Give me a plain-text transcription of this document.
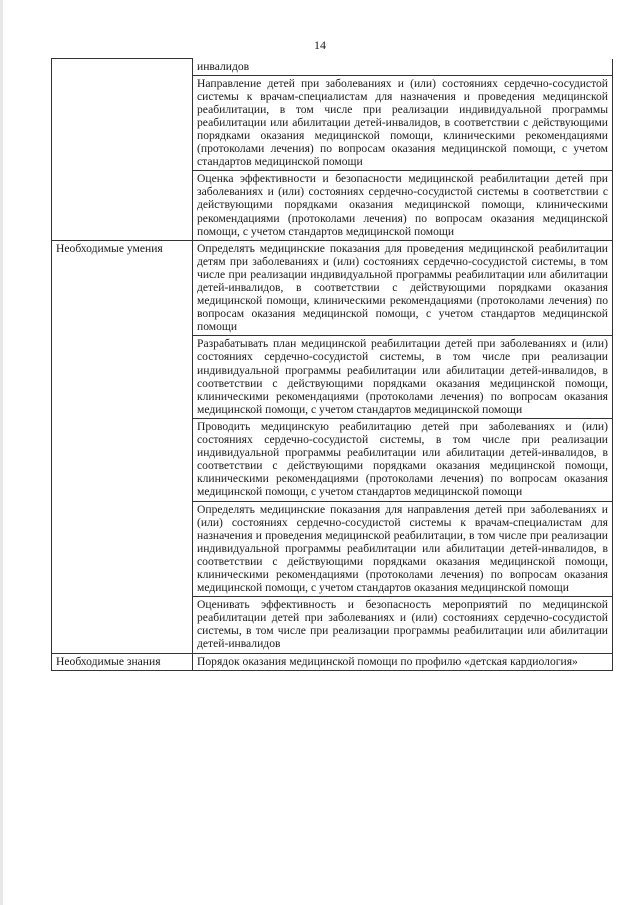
14
	инвалидов
	Направление детей при заболеваниях и (или) состояниях сердечно-сосудистой системы к врачам-специалистам для назначения и проведения медицинской реабилитации, в том числе при реализации индивидуальной программы реабилитации или абилитации детей-инвалидов, в соответствии с действующими порядками оказания медицинской помощи, клиническими рекомендациями (протоколами лечения) по вопросам оказания медицинской помощи, с учетом стандартов медицинской помощи
	Оценка эффективности и безопасности медицинской реабилитации детей при заболеваниях и (или) состояниях сердечно-сосудистой системы в соответствии с действующими порядками оказания медицинской помощи, клиническими рекомендациями (протоколами лечения) по вопросам оказания медицинской помощи, с учетом стандартов медицинской помощи
Необходимые умения	Определять медицинские показания для проведения медицинской реабилитации детям при заболеваниях и (или) состояниях сердечно-сосудистой системы, в том числе при реализации индивидуальной программы реабилитации или абилитации детей-инвалидов, в соответствии с действующими порядками оказания медицинской помощи, клиническими рекомендациями (протоколами лечения) по вопросам оказания медицинской помощи, с учетом стандартов медицинской помощи
	Разрабатывать план медицинской реабилитации детей при заболеваниях и (или) состояниях сердечно-сосудистой системы, в том числе при реализации индивидуальной программы реабилитации или абилитации детей-инвалидов, в соответствии с действующими порядками оказания медицинской помощи, клиническими рекомендациями (протоколами лечения) по вопросам оказания медицинской помощи, с учетом стандартов медицинской помощи
	Проводить медицинскую реабилитацию детей при заболеваниях и (или) состояниях сердечно-сосудистой системы, в том числе при реализации индивидуальной программы реабилитации или абилитации детей-инвалидов, в соответствии с действующими порядками оказания медицинской помощи, клиническими рекомендациями (протоколами лечения) по вопросам оказания медицинской помощи, с учетом стандартов медицинской помощи
	Определять медицинские показания для направления детей при заболеваниях и (или) состояниях сердечно-сосудистой системы к врачам-специалистам для назначения и проведения медицинской реабилитации, в том числе при реализации индивидуальной программы реабилитации или абилитации детей-инвалидов, в соответствии с действующими порядками оказания медицинской помощи, клиническими рекомендациями (протоколами лечения) по вопросам оказания медицинской помощи, с учетом стандартов оказания медицинской помощи
	Оценивать эффективность и безопасность мероприятий по медицинской реабилитации детей при заболеваниях и (или) состояниях сердечно-сосудистой системы, в том числе при реализации программы реабилитации или абилитации детей-инвалидов
Необходимые знания	Порядок оказания медицинской помощи по профилю «детская кардиология»
